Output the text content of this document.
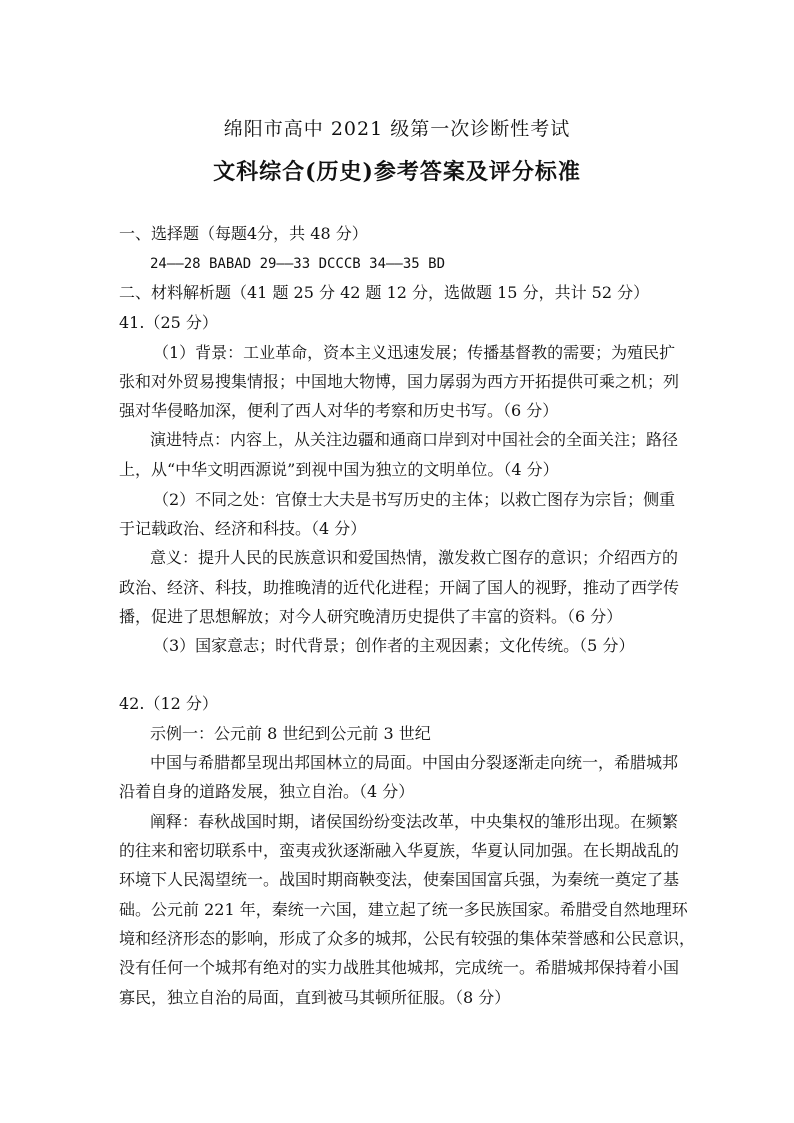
绵阳市高中 2021 级第一次诊断性考试
文科综合(历史)参考答案及评分标准
一、选择题（每题4分，共 48 分）
24——28 BABAD 29——33 DCCCB 34——35 BD
二、材料解析题（41 题 25 分 42 题 12 分，选做题 15 分，共计 52 分）
41.（25 分）
（1）背景：工业革命，资本主义迅速发展；传播基督教的需要；为殖民扩
张和对外贸易搜集情报；中国地大物博，国力孱弱为西方开拓提供可乘之机；列
强对华侵略加深，便利了西人对华的考察和历史书写。（6 分）
演进特点：内容上，从关注边疆和通商口岸到对中国社会的全面关注；路径
上，从“中华文明西源说”到视中国为独立的文明单位。（4 分）
（2）不同之处：官僚士大夫是书写历史的主体；以救亡图存为宗旨；侧重
于记载政治、经济和科技。（4 分）
意义：提升人民的民族意识和爱国热情，激发救亡图存的意识；介绍西方的
政治、经济、科技，助推晚清的近代化进程；开阔了国人的视野，推动了西学传
播，促进了思想解放；对今人研究晚清历史提供了丰富的资料。（6 分）
（3）国家意志；时代背景；创作者的主观因素；文化传统。（5 分）
42.（12 分）
示例一：公元前 8 世纪到公元前 3 世纪
中国与希腊都呈现出邦国林立的局面。中国由分裂逐渐走向统一，希腊城邦
沿着自身的道路发展，独立自治。（4 分）
阐释：春秋战国时期，诸侯国纷纷变法改革，中央集权的雏形出现。在频繁
的往来和密切联系中，蛮夷戎狄逐渐融入华夏族，华夏认同加强。在长期战乱的
环境下人民渴望统一。战国时期商鞅变法，使秦国国富兵强，为秦统一奠定了基
础。公元前 221 年，秦统一六国，建立起了统一多民族国家。希腊受自然地理环
境和经济形态的影响，形成了众多的城邦，公民有较强的集体荣誉感和公民意识，
没有任何一个城邦有绝对的实力战胜其他城邦，完成统一。希腊城邦保持着小国
寡民，独立自治的局面，直到被马其顿所征服。（8 分）
